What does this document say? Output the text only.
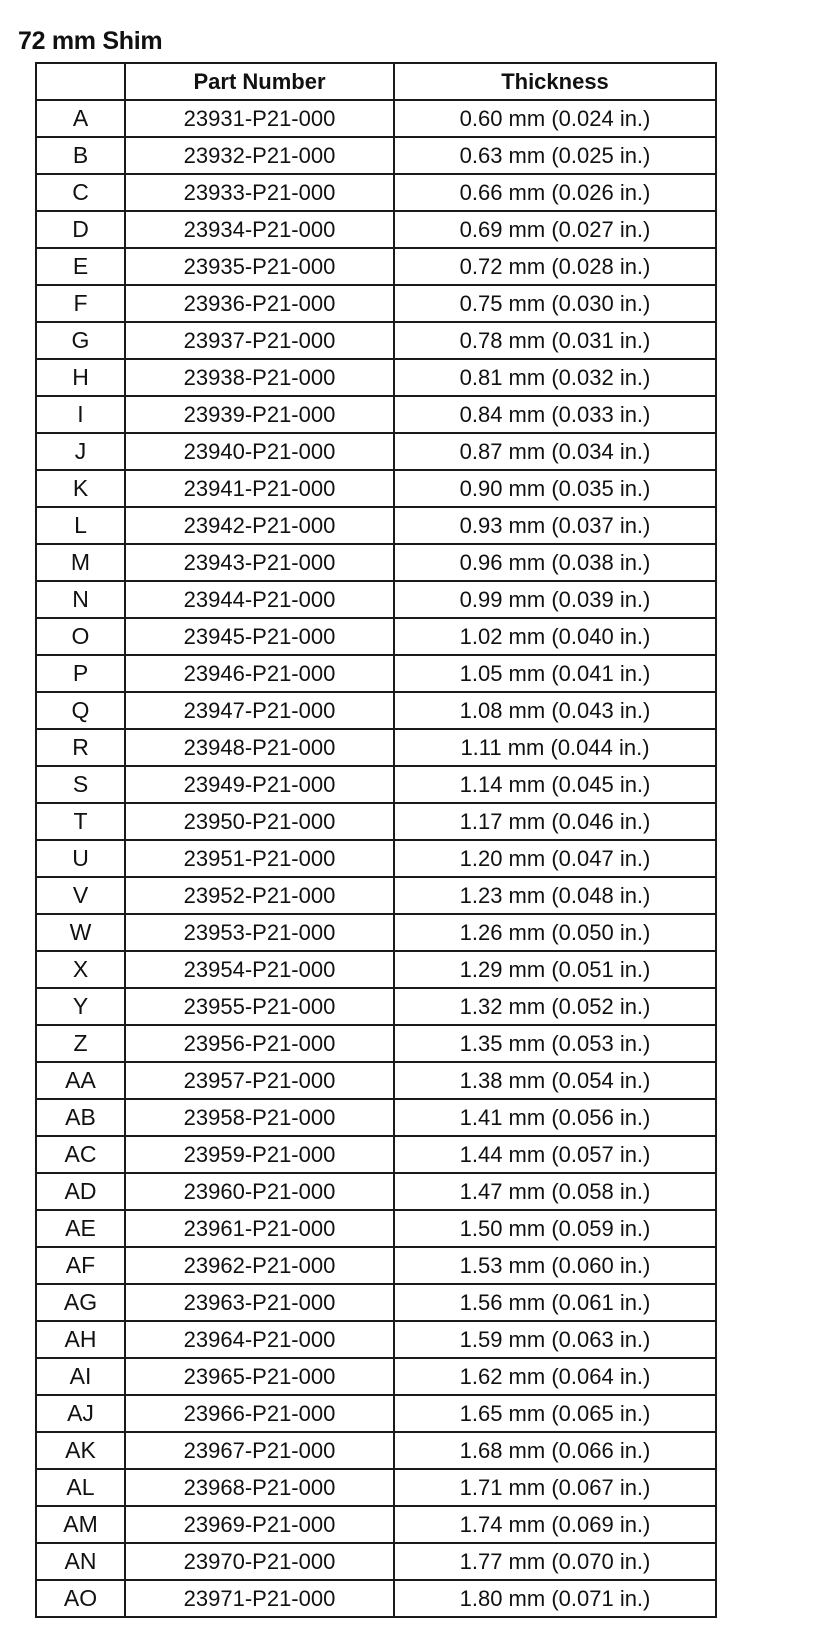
72 mm Shim
	Part Number	Thickness
A	23931-P21-000	0.60 mm (0.024 in.)
B	23932-P21-000	0.63 mm (0.025 in.)
C	23933-P21-000	0.66 mm (0.026 in.)
D	23934-P21-000	0.69 mm (0.027 in.)
E	23935-P21-000	0.72 mm (0.028 in.)
F	23936-P21-000	0.75 mm (0.030 in.)
G	23937-P21-000	0.78 mm (0.031 in.)
H	23938-P21-000	0.81 mm (0.032 in.)
I	23939-P21-000	0.84 mm (0.033 in.)
J	23940-P21-000	0.87 mm (0.034 in.)
K	23941-P21-000	0.90 mm (0.035 in.)
L	23942-P21-000	0.93 mm (0.037 in.)
M	23943-P21-000	0.96 mm (0.038 in.)
N	23944-P21-000	0.99 mm (0.039 in.)
O	23945-P21-000	1.02 mm (0.040 in.)
P	23946-P21-000	1.05 mm (0.041 in.)
Q	23947-P21-000	1.08 mm (0.043 in.)
R	23948-P21-000	1.11 mm (0.044 in.)
S	23949-P21-000	1.14 mm (0.045 in.)
T	23950-P21-000	1.17 mm (0.046 in.)
U	23951-P21-000	1.20 mm (0.047 in.)
V	23952-P21-000	1.23 mm (0.048 in.)
W	23953-P21-000	1.26 mm (0.050 in.)
X	23954-P21-000	1.29 mm (0.051 in.)
Y	23955-P21-000	1.32 mm (0.052 in.)
Z	23956-P21-000	1.35 mm (0.053 in.)
AA	23957-P21-000	1.38 mm (0.054 in.)
AB	23958-P21-000	1.41 mm (0.056 in.)
AC	23959-P21-000	1.44 mm (0.057 in.)
AD	23960-P21-000	1.47 mm (0.058 in.)
AE	23961-P21-000	1.50 mm (0.059 in.)
AF	23962-P21-000	1.53 mm (0.060 in.)
AG	23963-P21-000	1.56 mm (0.061 in.)
AH	23964-P21-000	1.59 mm (0.063 in.)
AI	23965-P21-000	1.62 mm (0.064 in.)
AJ	23966-P21-000	1.65 mm (0.065 in.)
AK	23967-P21-000	1.68 mm (0.066 in.)
AL	23968-P21-000	1.71 mm (0.067 in.)
AM	23969-P21-000	1.74 mm (0.069 in.)
AN	23970-P21-000	1.77 mm (0.070 in.)
AO	23971-P21-000	1.80 mm (0.071 in.)
